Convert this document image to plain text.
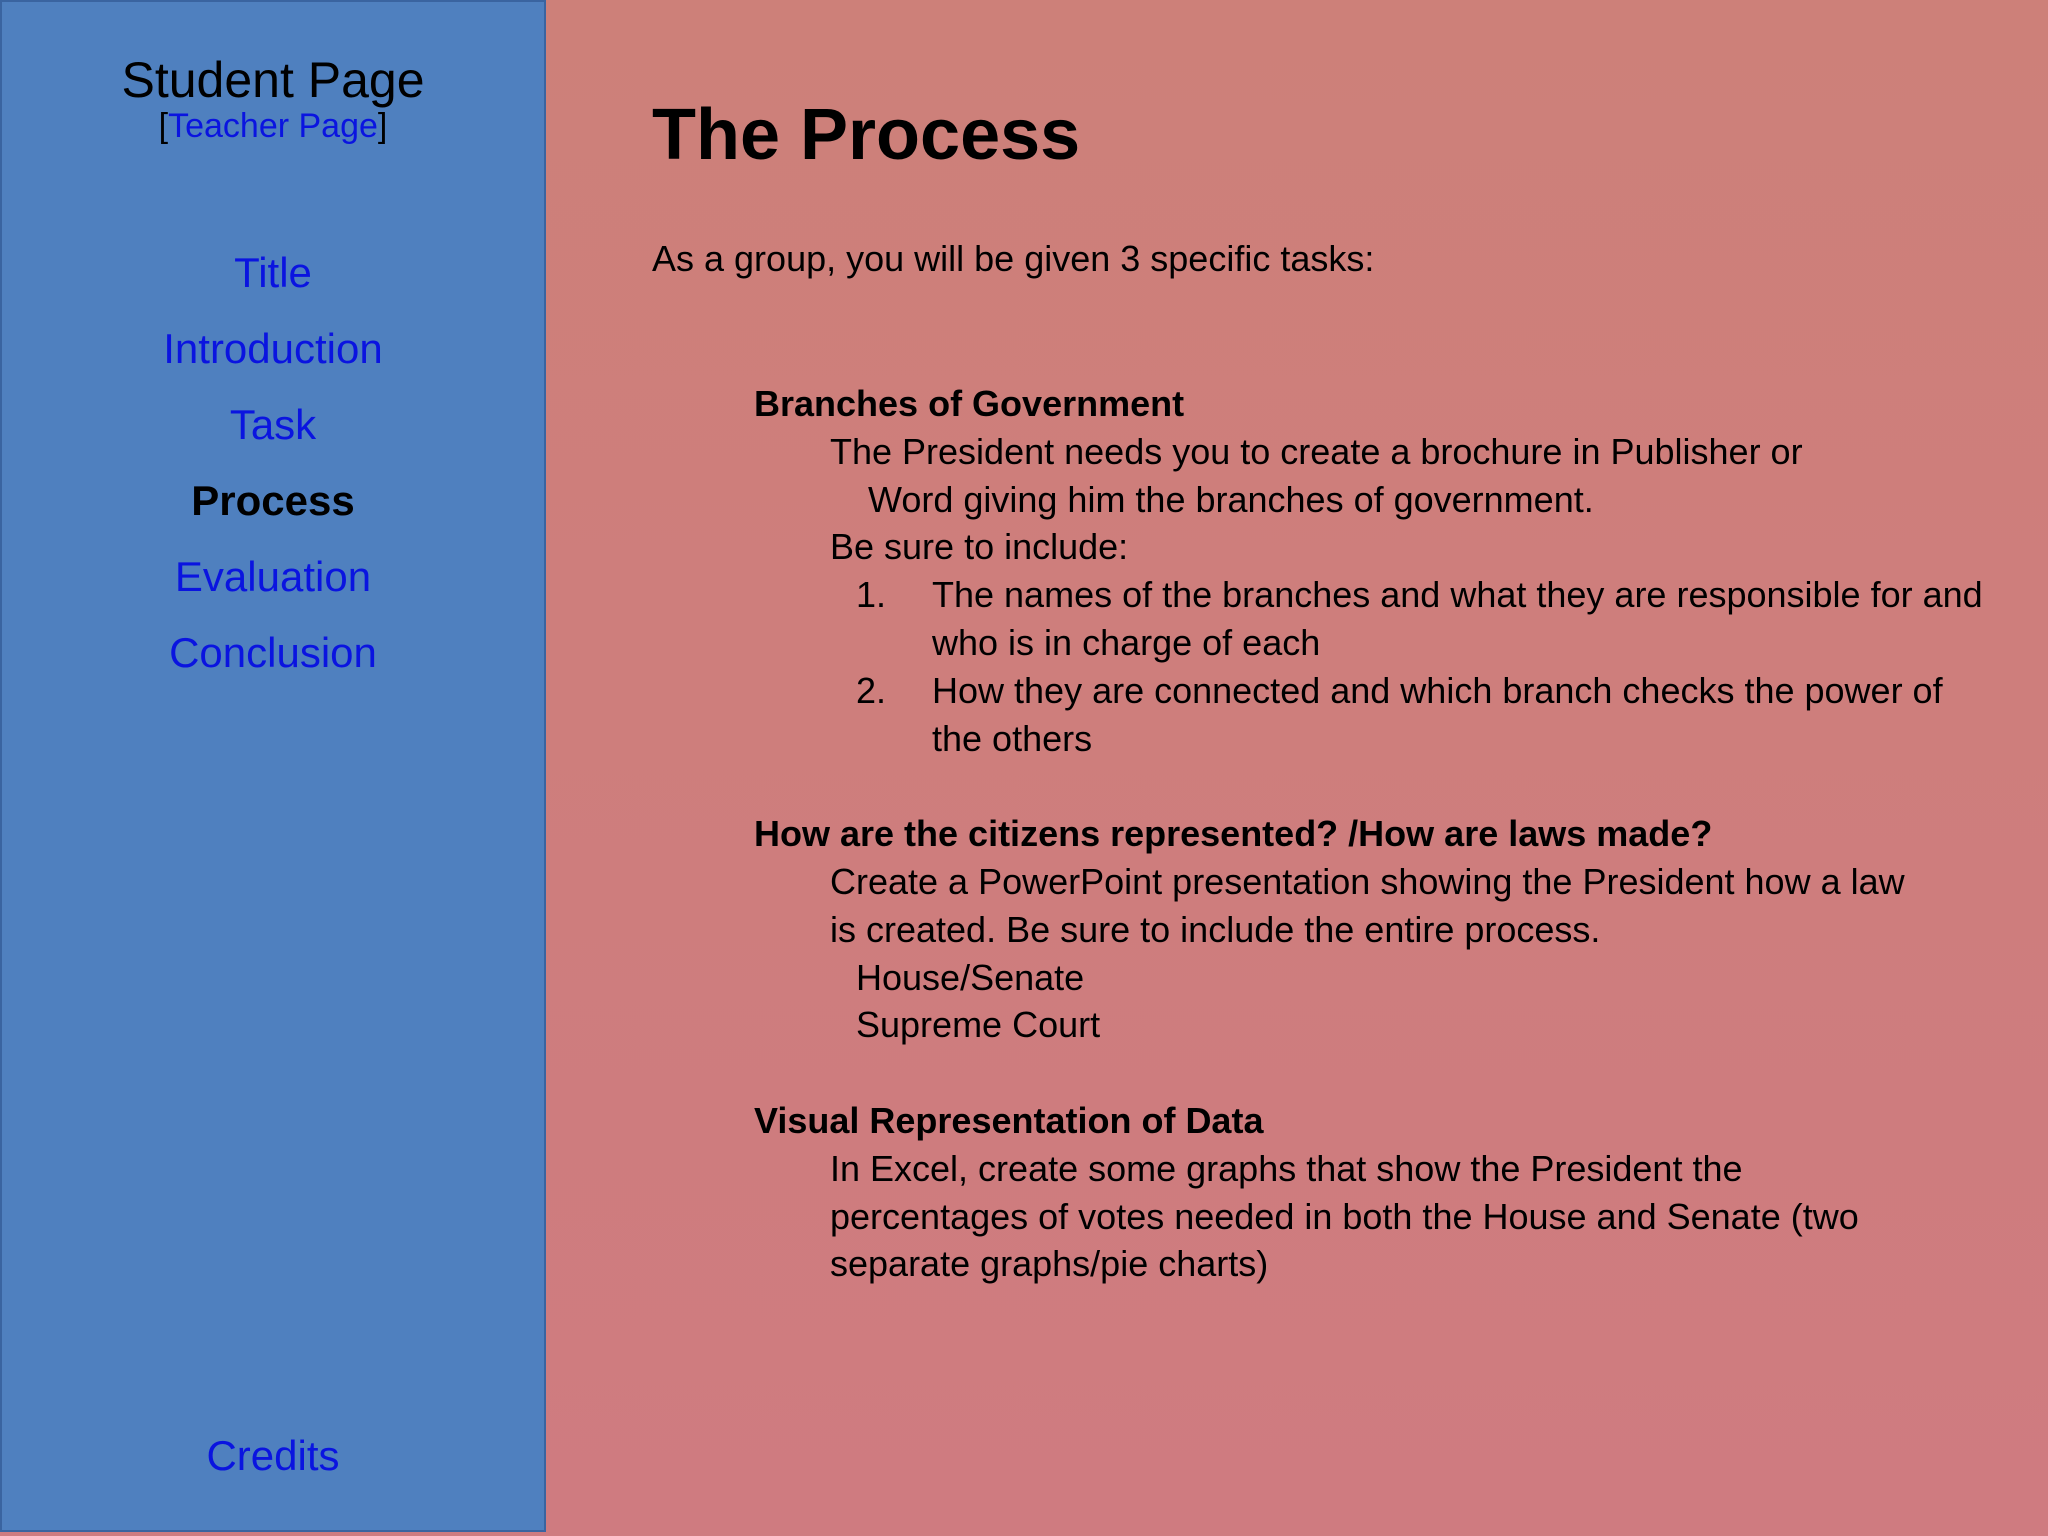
Student Page
[Teacher Page]
Title
Introduction
Task
Process
Evaluation
Conclusion
Credits
The Process
As a group, you will be given 3 specific tasks:
Branches of Government
The President needs you to create a brochure in Publisher or
Word giving him the branches of government.
Be sure to include:
1.	The names of the branches and what they are responsible for and who is in charge of each
2.	How they are connected and which branch checks the power of the others
How are the citizens represented? /How are laws made?
Create a PowerPoint presentation showing the President how a law
is created. Be sure to include the entire process.
House/Senate
Supreme Court
Visual Representation of Data
In Excel, create some graphs that show the President the
percentages of votes needed in both the House and Senate (two
separate graphs/pie charts)
